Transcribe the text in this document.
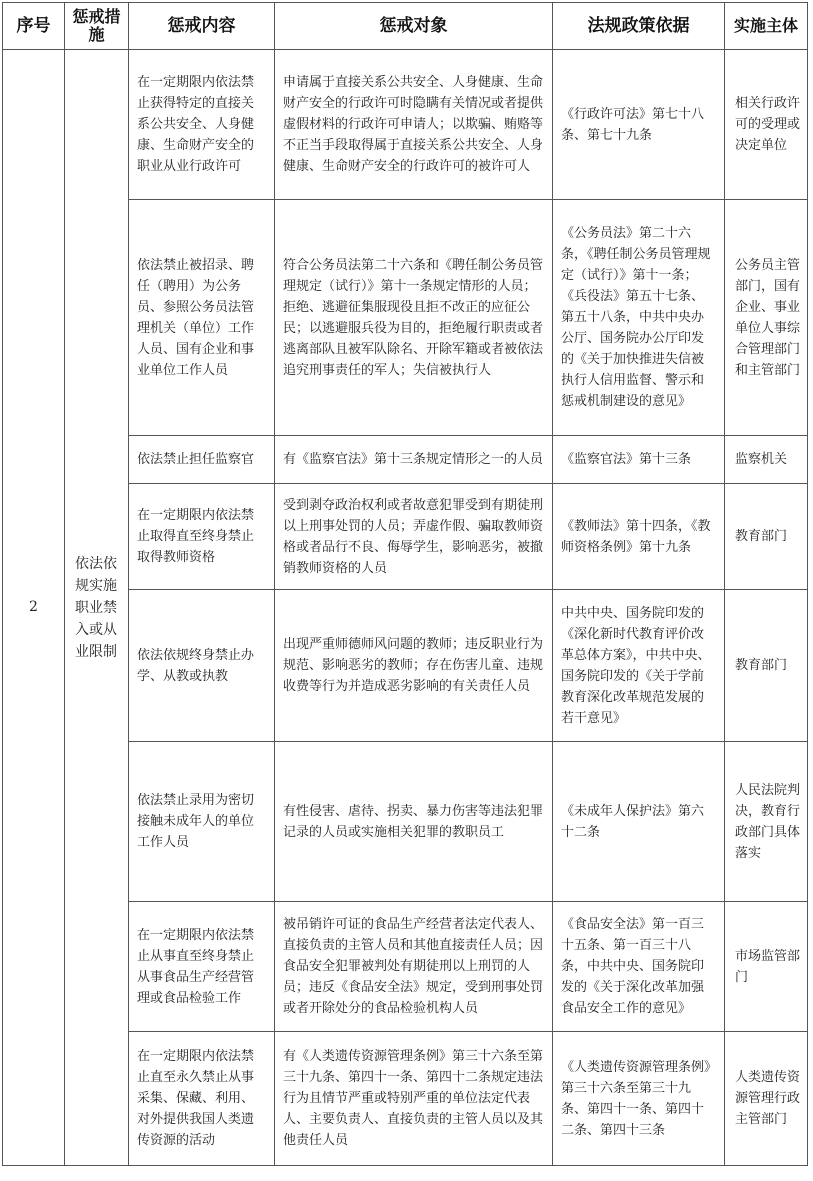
序号	惩戒措施	惩戒内容	惩戒对象	法规政策依据	实施主体
2	依法依规实施职业禁入或从业限制	在一定期限内依法禁止获得特定的直接关系公共安全、人身健康、生命财产安全的职业从业行政许可	申请属于直接关系公共安全、人身健康、生命财产安全的行政许可时隐瞒有关情况或者提供虚假材料的行政许可申请人；以欺骗、贿赂等不正当手段取得属于直接关系公共安全、人身健康、生命财产安全的行政许可的被许可人	《行政许可法》第七十八条、第七十九条	相关行政许可的受理或决定单位
		依法禁止被招录、聘任（聘用）为公务员、参照公务员法管理机关（单位）工作人员、国有企业和事业单位工作人员	符合公务员法第二十六条和《聘任制公务员管理规定（试行）》第十一条规定情形的人员；拒绝、逃避征集服现役且拒不改正的应征公民；以逃避服兵役为目的，拒绝履行职责或者逃离部队且被军队除名、开除军籍或者被依法追究刑事责任的军人；失信被执行人	《公务员法》第二十六条，《聘任制公务员管理规定（试行）》第十一条；《兵役法》第五十七条、第五十八条，中共中央办公厅、国务院办公厅印发的《关于加快推进失信被执行人信用监督、警示和惩戒机制建设的意见》	公务员主管部门，国有企业、事业单位人事综合管理部门和主管部门
		依法禁止担任监察官	有《监察官法》第十三条规定情形之一的人员	《监察官法》第十三条	监察机关
		在一定期限内依法禁止取得直至终身禁止取得教师资格	受到剥夺政治权利或者故意犯罪受到有期徒刑以上刑事处罚的人员；弄虚作假、骗取教师资格或者品行不良、侮辱学生，影响恶劣，被撤销教师资格的人员	《教师法》第十四条，《教师资格条例》第十九条	教育部门
		依法依规终身禁止办学、从教或执教	出现严重师德师风问题的教师；违反职业行为规范、影响恶劣的教师；存在伤害儿童、违规收费等行为并造成恶劣影响的有关责任人员	中共中央、国务院印发的《深化新时代教育评价改革总体方案》，中共中央、国务院印发的《关于学前教育深化改革规范发展的若干意见》	教育部门
		依法禁止录用为密切接触未成年人的单位工作人员	有性侵害、虐待、拐卖、暴力伤害等违法犯罪记录的人员或实施相关犯罪的教职员工	《未成年人保护法》第六十二条	人民法院判决，教育行政部门具体落实
		在一定期限内依法禁止从事直至终身禁止从事食品生产经营管理或食品检验工作	被吊销许可证的食品生产经营者法定代表人、直接负责的主管人员和其他直接责任人员；因食品安全犯罪被判处有期徒刑以上刑罚的人员；违反《食品安全法》规定，受到刑事处罚或者开除处分的食品检验机构人员	《食品安全法》第一百三十五条、第一百三十八条，中共中央、国务院印发的《关于深化改革加强食品安全工作的意见》	市场监管部门
		在一定期限内依法禁止直至永久禁止从事采集、保藏、利用、对外提供我国人类遗传资源的活动	有《人类遗传资源管理条例》第三十六条至第三十九条、第四十一条、第四十二条规定违法行为且情节严重或特别严重的单位法定代表人、主要负责人、直接负责的主管人员以及其他责任人员	《人类遗传资源管理条例》第三十六条至第三十九条、第四十一条、第四十二条、第四十三条	人类遗传资源管理行政主管部门
